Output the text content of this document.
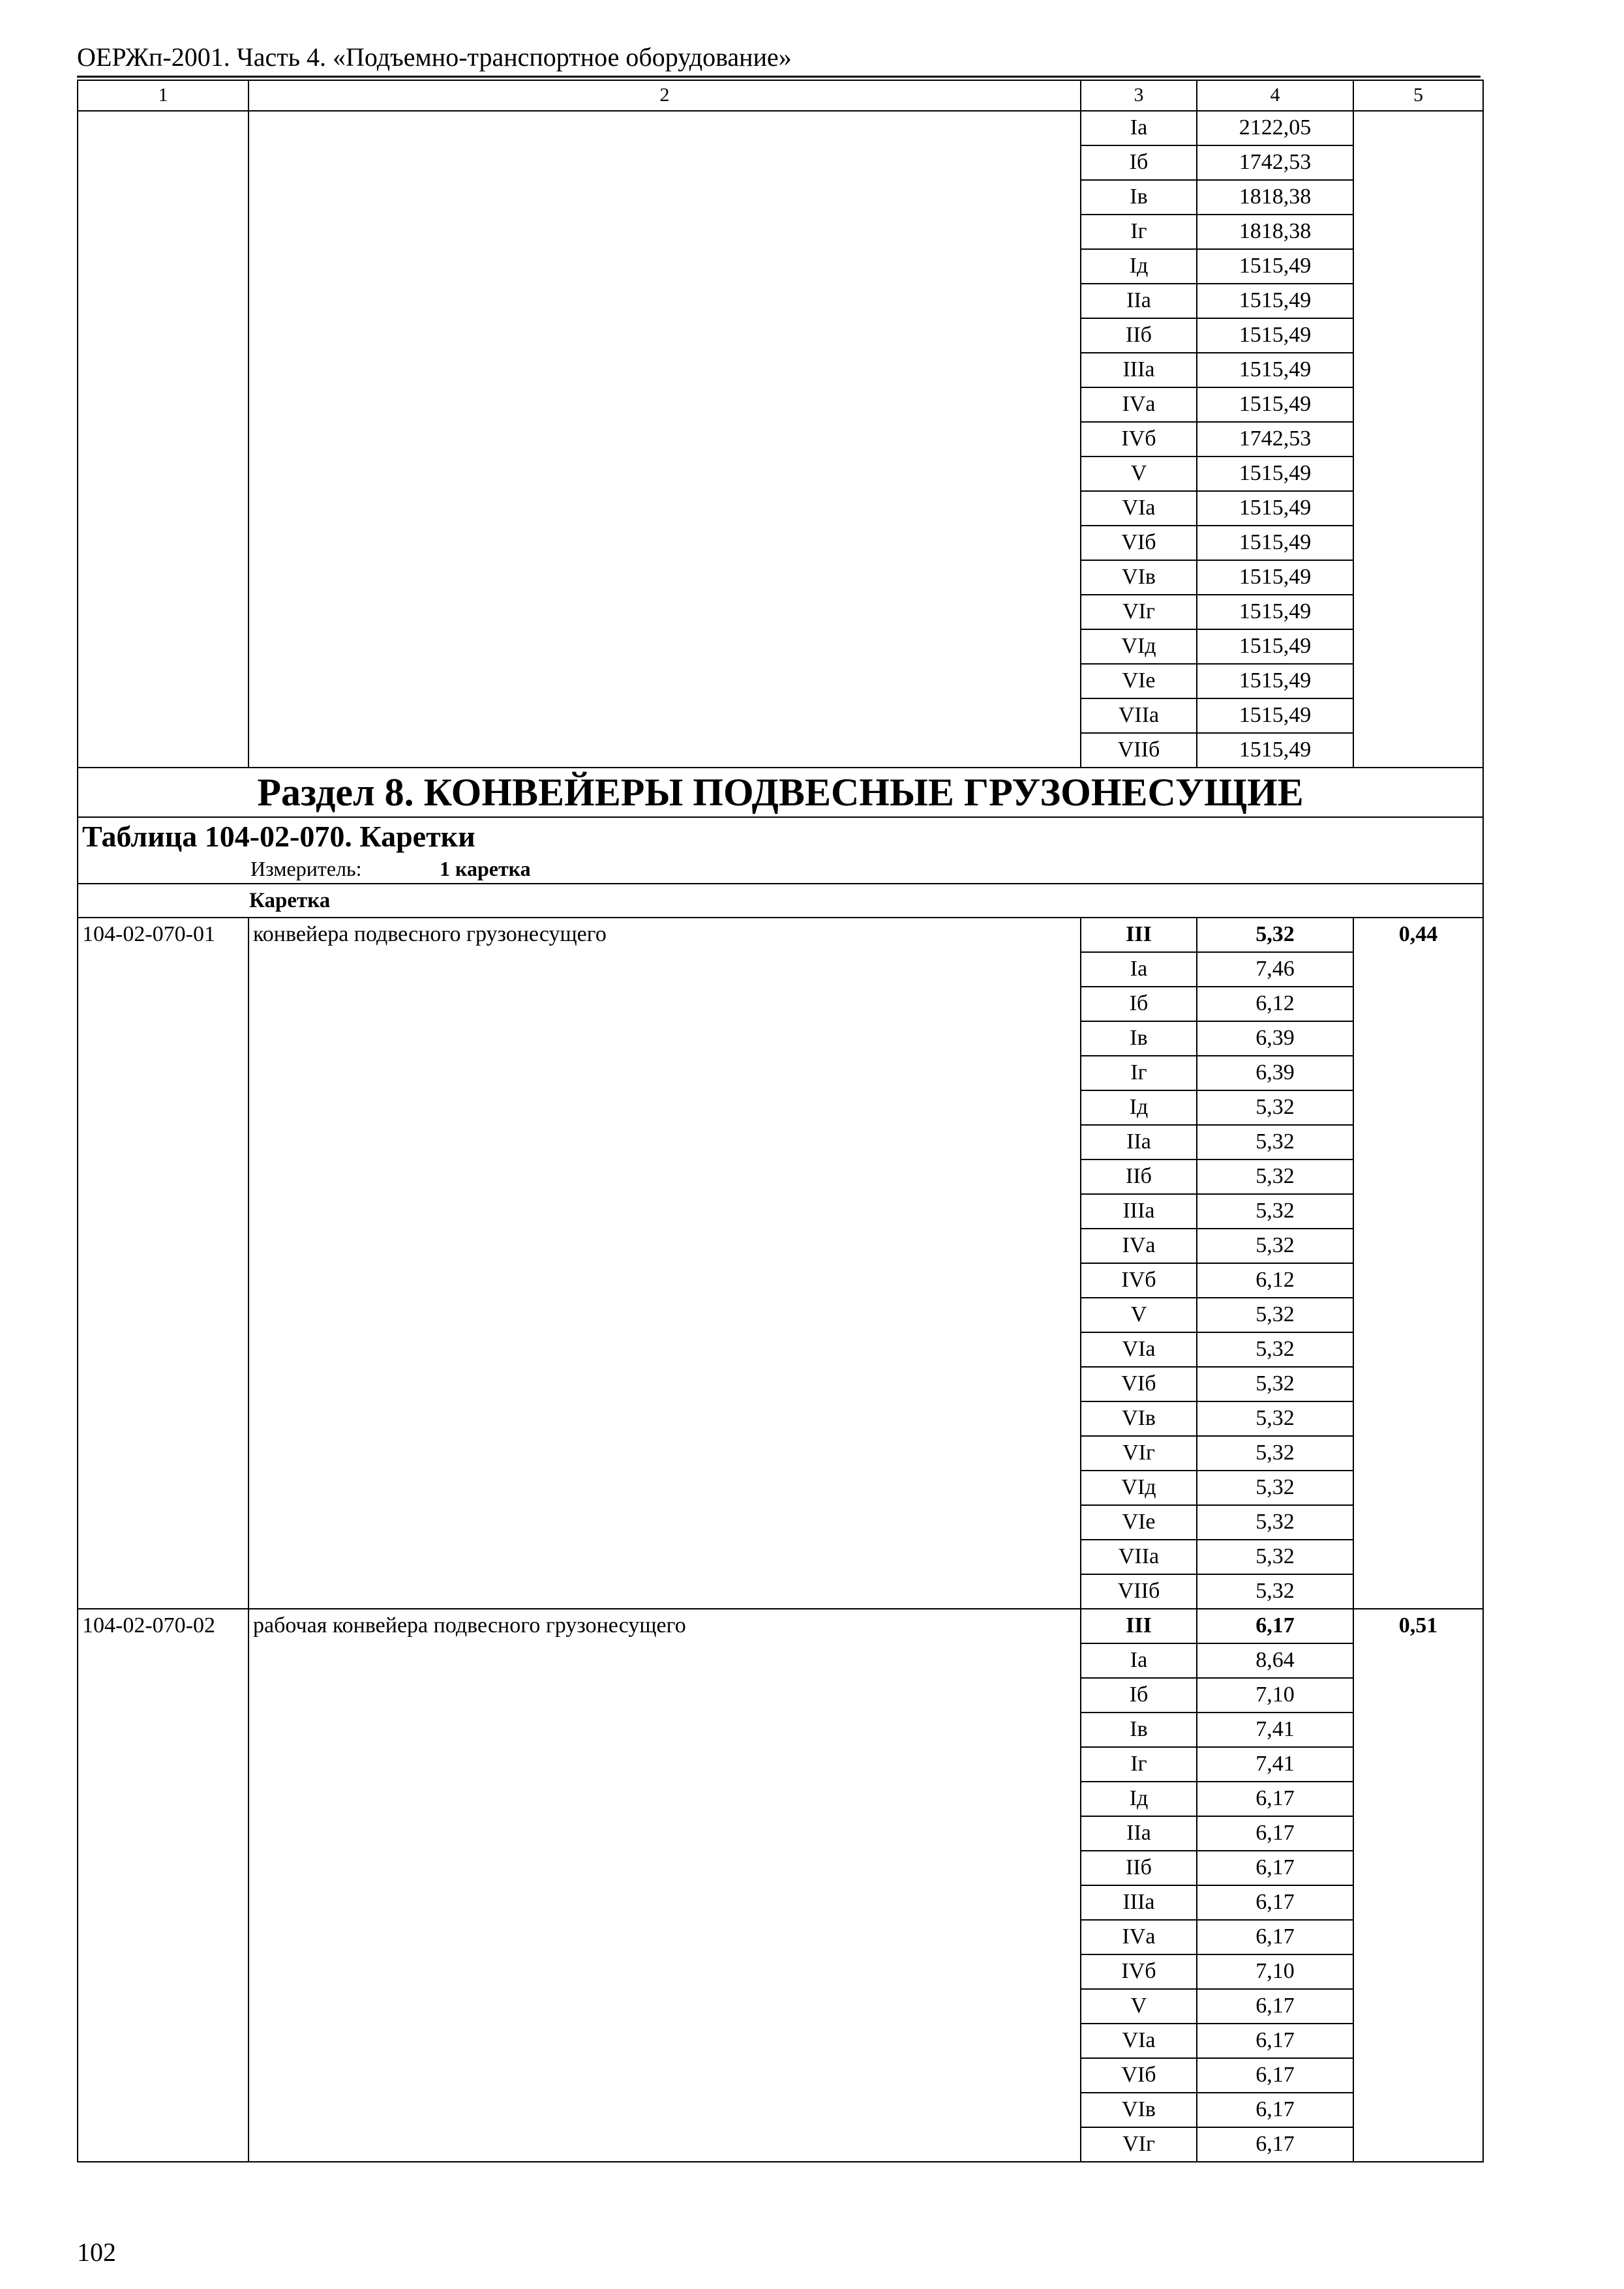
ОЕРЖп-2001. Часть 4. «Подъемно-транспортное оборудование»
1	2	3	4	5
		Iа	2122,05	
		Iб	1742,53	
		Iв	1818,38	
		Iг	1818,38	
		Iд	1515,49	
		IIа	1515,49	
		IIб	1515,49	
		IIIа	1515,49	
		IVа	1515,49	
		IVб	1742,53	
		V	1515,49	
		VIа	1515,49	
		VIб	1515,49	
		VIв	1515,49	
		VIг	1515,49	
		VIд	1515,49	
		VIе	1515,49	
		VIIа	1515,49	
		VIIб	1515,49	
Раздел 8. КОНВЕЙЕРЫ ПОДВЕСНЫЕ ГРУЗОНЕСУЩИЕ				

Таблица 104-02-070. Каретки
Измеритель: 1 каретка				

Каретка				
104-02-070-01	конвейера подвесного грузонесущего	III	5,32	0,44
		Iа	7,46	
		Iб	6,12	
		Iв	6,39	
		Iг	6,39	
		Iд	5,32	
		IIа	5,32	
		IIб	5,32	
		IIIа	5,32	
		IVа	5,32	
		IVб	6,12	
		V	5,32	
		VIа	5,32	
		VIб	5,32	
		VIв	5,32	
		VIг	5,32	
		VIд	5,32	
		VIе	5,32	
		VIIа	5,32	
		VIIб	5,32	
104-02-070-02	рабочая конвейера подвесного грузонесущего	III	6,17	0,51
		Iа	8,64	
		Iб	7,10	
		Iв	7,41	
		Iг	7,41	
		Iд	6,17	
		IIа	6,17	
		IIб	6,17	
		IIIа	6,17	
		IVа	6,17	
		IVб	7,10	
		V	6,17	
		VIа	6,17	
		VIб	6,17	
		VIв	6,17	
		VIг	6,17	
102
